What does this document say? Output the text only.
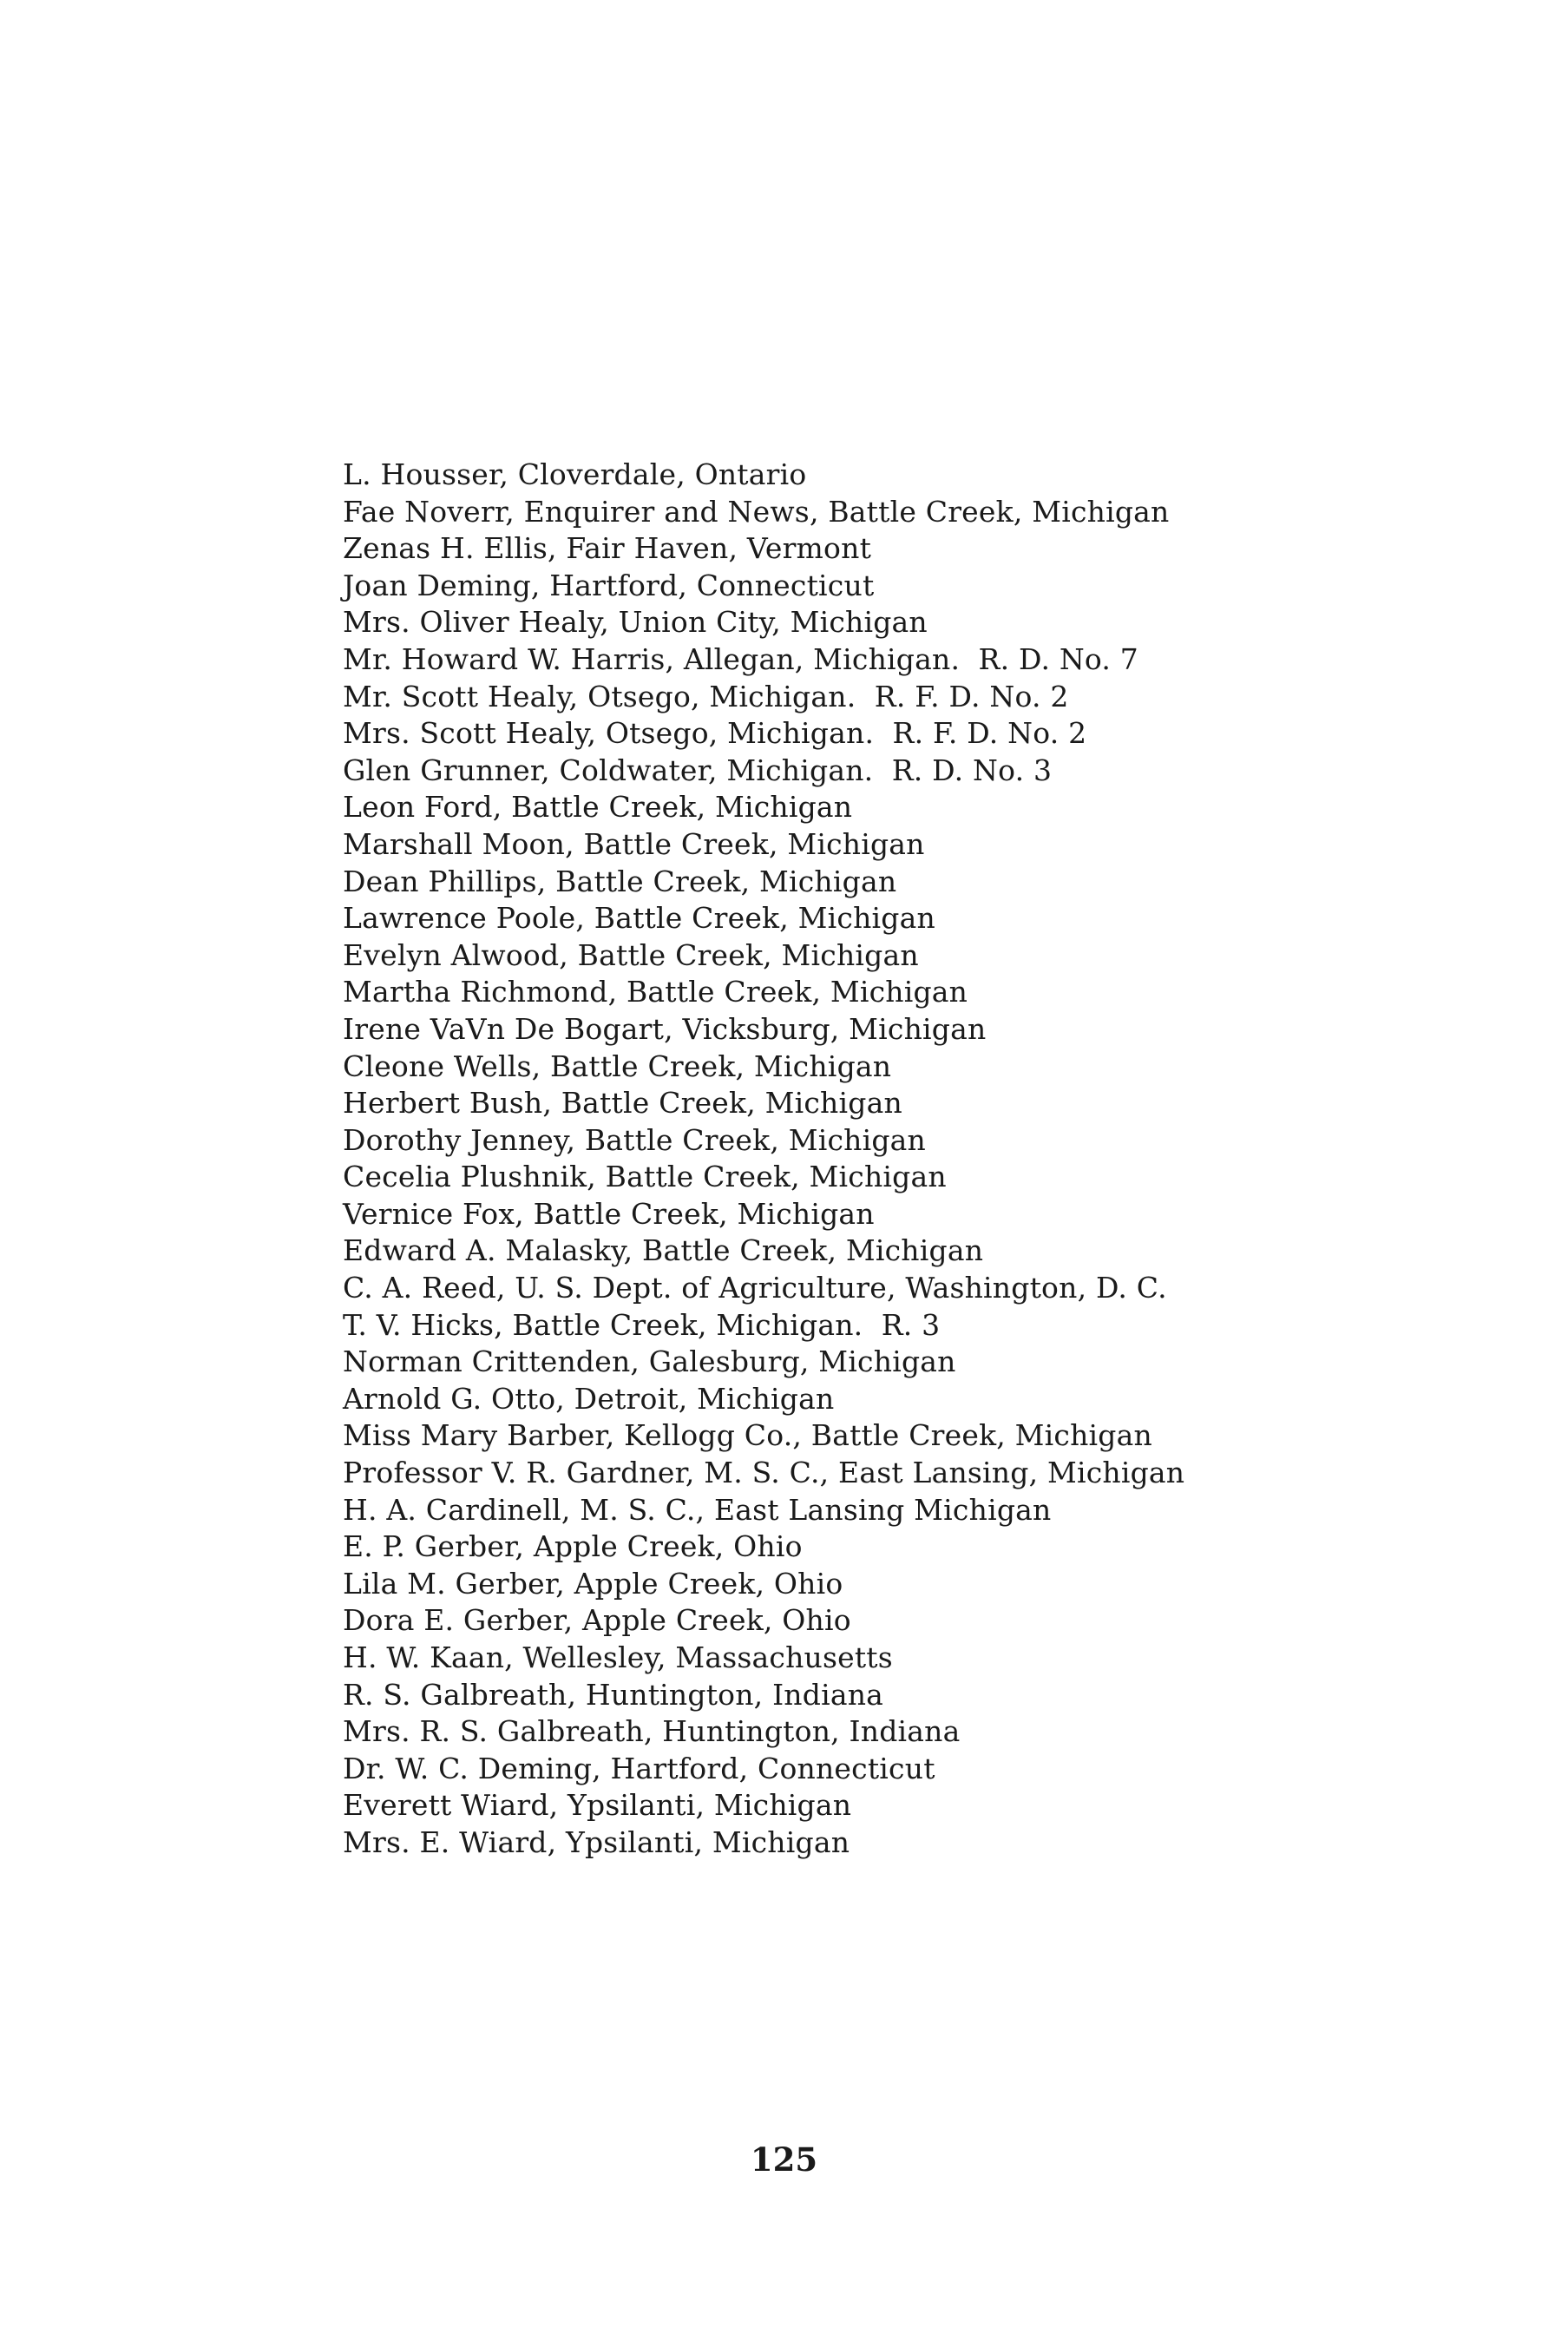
L. Housser, Cloverdale, Ontario
Fae Noverr, Enquirer and News, Battle Creek, Michigan
Zenas H. Ellis, Fair Haven, Vermont
Joan Deming, Hartford, Connecticut
Mrs. Oliver Healy, Union City, Michigan
Mr. Howard W. Harris, Allegan, Michigan.  R. D. No. 7
Mr. Scott Healy, Otsego, Michigan.  R. F. D. No. 2
Mrs. Scott Healy, Otsego, Michigan.  R. F. D. No. 2
Glen Grunner, Coldwater, Michigan.  R. D. No. 3
Leon Ford, Battle Creek, Michigan
Marshall Moon, Battle Creek, Michigan
Dean Phillips, Battle Creek, Michigan
Lawrence Poole, Battle Creek, Michigan
Evelyn Alwood, Battle Creek, Michigan
Martha Richmond, Battle Creek, Michigan
Irene VaVn De Bogart, Vicksburg, Michigan
Cleone Wells, Battle Creek, Michigan
Herbert Bush, Battle Creek, Michigan
Dorothy Jenney, Battle Creek, Michigan
Cecelia Plushnik, Battle Creek, Michigan
Vernice Fox, Battle Creek, Michigan
Edward A. Malasky, Battle Creek, Michigan
C. A. Reed, U. S. Dept. of Agriculture, Washington, D. C.
T. V. Hicks, Battle Creek, Michigan.  R. 3
Norman Crittenden, Galesburg, Michigan
Arnold G. Otto, Detroit, Michigan
Miss Mary Barber, Kellogg Co., Battle Creek, Michigan
Professor V. R. Gardner, M. S. C., East Lansing, Michigan
H. A. Cardinell, M. S. C., East Lansing Michigan
E. P. Gerber, Apple Creek, Ohio
Lila M. Gerber, Apple Creek, Ohio
Dora E. Gerber, Apple Creek, Ohio
H. W. Kaan, Wellesley, Massachusetts
R. S. Galbreath, Huntington, Indiana
Mrs. R. S. Galbreath, Huntington, Indiana
Dr. W. C. Deming, Hartford, Connecticut
Everett Wiard, Ypsilanti, Michigan
Mrs. E. Wiard, Ypsilanti, Michigan
125
